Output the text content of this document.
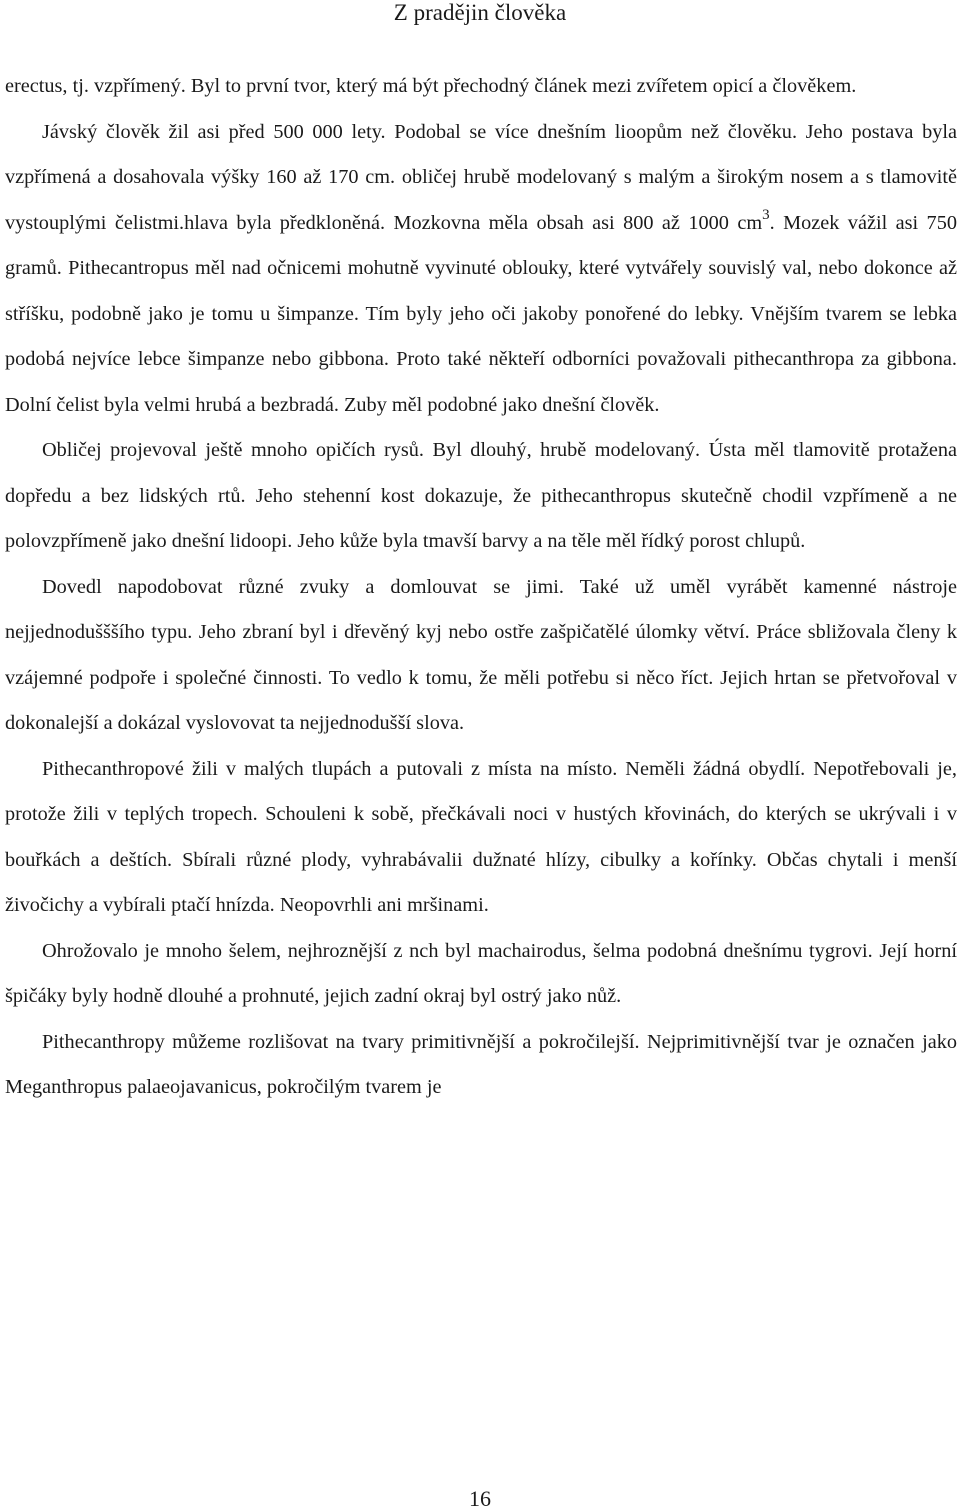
Z pradějin člověka

erectus, tj. vzpřímený. Byl to první tvor, který má být přechodný článek mezi zvířetem opicí a člověkem.

Jávský člověk žil asi před 500 000 lety. Podobal se více dnešním lioopům než člověku. Jeho postava byla vzpřímená a dosahovala výšky 160 až 170 cm. obličej hrubě modelovaný s malým a širokým nosem a s tlamovitě vystouplými čelistmi.hlava byla předkloněná. Mozkovna měla obsah asi 800 až 1000 $cm^3$. Mozek vážil asi 750 gramů. Pithecantropus měl nad očnicemi mohutně vyvinuté oblouky, které vytvářely souvislý val, nebo dokonce až stříšku, podobně jako je tomu u šimpanze. Tím byly jeho oči jakoby ponořené do lebky. Vnějším tvarem se lebka podobá nejvíce lebce šimpanze nebo gibbona. Proto také někteří odborníci považovali pithecanthropa za gibbona. Dolní čelist byla velmi hrubá a bezbradá. Zuby měl podobné jako dnešní člověk.

Obličej projevoval ještě mnoho opičích rysů. Byl dlouhý, hrubě modelovaný. Ústa měl tlamovitě protažena dopředu a bez lidských rtů. Jeho stehenní kost dokazuje, že pithecanthropus skutečně chodil vzpřímeně a ne polovzpřímeně jako dnešní lidoopi. Jeho kůže byla tmavší barvy a na těle měl řídký porost chlupů.

Dovedl napodobovat různé zvuky a domlouvat se jimi. Také už uměl vyrábět kamenné nástroje nejjednodušššího typu. Jeho zbraní byl i dřevěný kyj nebo ostře zašpičatělé úlomky větví. Práce sbližovala členy k vzájemné podpoře i společné činnosti. To vedlo k tomu, že měli potřebu si něco říct. Jejich hrtan se přetvořoval v dokonalejší a dokázal vyslovovat ta nejjednodušší slova.

Pithecanthropové žili v malých tlupách a putovali z místa na místo. Neměli žádná obydlí. Nepotřebovali je, protože žili v teplých tropech. Schouleni k sobě, přečkávali noci v hustých křovinách, do kterých se ukrývali i v bouřkách a deštích. Sbírali různé plody, vyhrabávalii dužnaté hlízy, cibulky a kořínky. Občas chytali i menší živočichy a vybírali ptačí hnízda. Neopovrhli ani mršinami.

Ohrožovalo je mnoho šelem, nejhroznější z nch byl machairodus, šelma podobná dnešnímu tygrovi. Její horní špičáky byly hodně dlouhé a prohnuté, jejich zadní okraj byl ostrý jako nůž.

Pithecanthropy můžeme rozlišovat na tvary primitivnější a pokročilejší. Nejprimitivnější tvar je označen jako Meganthropus palaeojavanicus, pokročilým tvarem je

16
